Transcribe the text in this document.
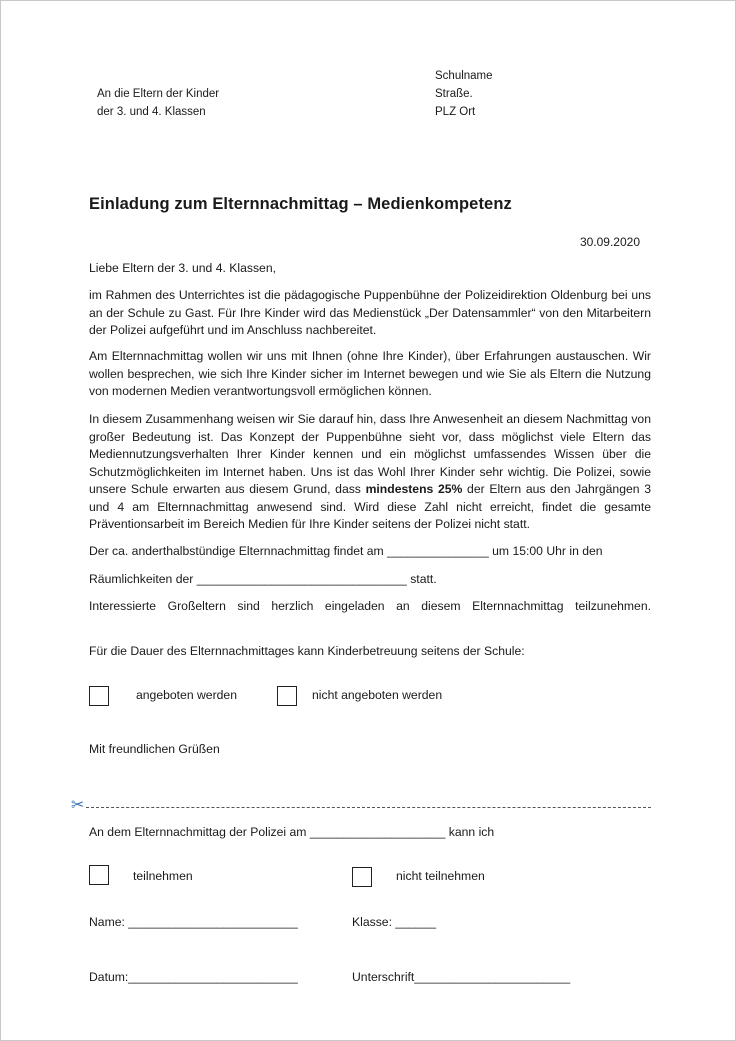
An die Eltern der Kinder
der 3. und 4. Klassen
Schulname
Straße.
PLZ Ort
Einladung zum Elternnachmittag – Medienkompetenz
30.09.2020
Liebe Eltern der 3. und 4. Klassen,
im Rahmen des Unterrichtes ist die pädagogische Puppenbühne der Polizeidirektion Oldenburg bei uns an der Schule zu Gast. Für Ihre Kinder wird das Medienstück „Der Datensammler“ von den Mitarbeitern der Polizei aufgeführt und im Anschluss nachbereitet.
Am Elternnachmittag wollen wir uns mit Ihnen (ohne Ihre Kinder), über Erfahrungen austauschen. Wir wollen besprechen, wie sich Ihre Kinder sicher im Internet bewegen und wie Sie als Eltern die Nutzung von modernen Medien verantwortungsvoll ermöglichen können.
In diesem Zusammenhang weisen wir Sie darauf hin, dass Ihre Anwesenheit an diesem Nachmittag von großer Bedeutung ist. Das Konzept der Puppenbühne sieht vor, dass möglichst viele Eltern das Mediennutzungsverhalten Ihrer Kinder kennen und ein möglichst umfassendes Wissen über die Schutzmöglichkeiten im Internet haben. Uns ist das Wohl Ihrer Kinder sehr wichtig. Die Polizei, sowie unsere Schule erwarten aus diesem Grund, dass mindestens 25% der Eltern aus den Jahrgängen 3 und 4 am Elternnachmittag anwesend sind. Wird diese Zahl nicht erreicht, findet die gesamte Präventionsarbeit im Bereich Medien für Ihre Kinder seitens der Polizei nicht statt.
Der ca. anderthalbstündige Elternnachmittag findet am _______________ um 15:00 Uhr in den
Räumlichkeiten der _______________________________ statt.
Interessierte Großeltern sind herzlich eingeladen an diesem Elternnachmittag teilzunehmen.
Für die Dauer des Elternnachmittages kann Kinderbetreuung seitens der Schule:
angeboten werden	nicht angeboten werden
Mit freundlichen Grüßen
✂
An dem Elternnachmittag der Polizei am ____________________ kann ich
teilnehmen	nicht teilnehmen
Name: _________________________	Klasse: ______
Datum:_________________________	Unterschrift_______________________
